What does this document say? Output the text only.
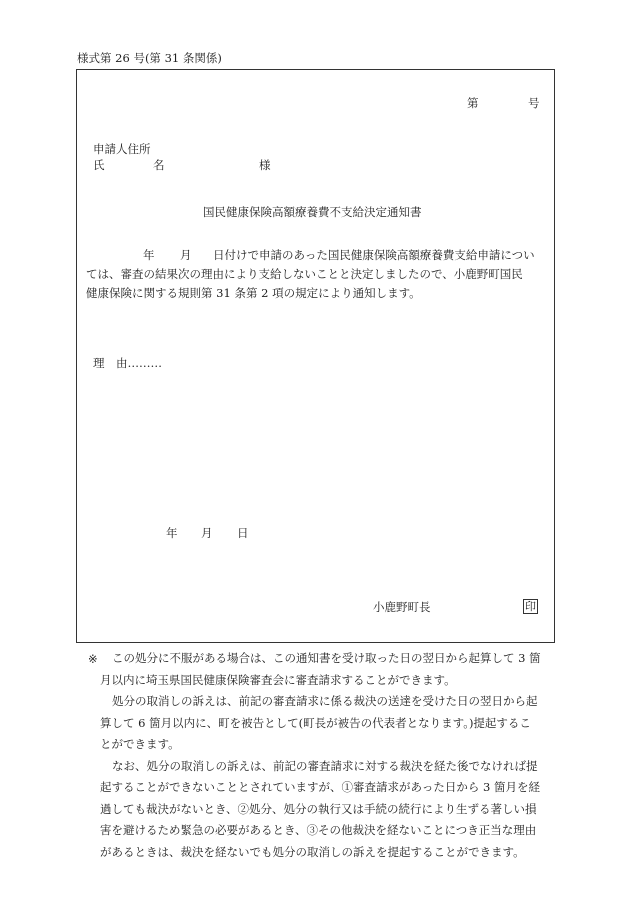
様式第 26 号(第 31 条関係)
第	号
申請人住所
氏	名	様
国民健康保険高額療養費不支給決定通知書
年 月 日付けで申請のあった国民健康保険高額療養費支給申請につい
ては、審査の結果次の理由により支給しないことと決定しましたので、小鹿野町国民
健康保険に関する規則第 31 条第 2 項の規定により通知します。
理　由………
年 月 日
小鹿野町長	印
※	この処分に不服がある場合は、この通知書を受け取った日の翌日から起算して 3 箇月以内に埼玉県国民健康保険審査会に審査請求することができます。

処分の取消しの訴えは、前記の審査請求に係る裁決の送達を受けた日の翌日から起算して 6 箇月以内に、町を被告として(町長が被告の代表者となります。)提起することができます。

なお、処分の取消しの訴えは、前記の審査請求に対する裁決を経た後でなければ提起することができないこととされていますが、①審査請求があった日から 3 箇月を経過しても裁決がないとき、②処分、処分の執行又は手続の続行により生ずる著しい損害を避けるため緊急の必要があるとき、③その他裁決を経ないことにつき正当な理由があるときは、裁決を経ないでも処分の取消しの訴えを提起することができます。
